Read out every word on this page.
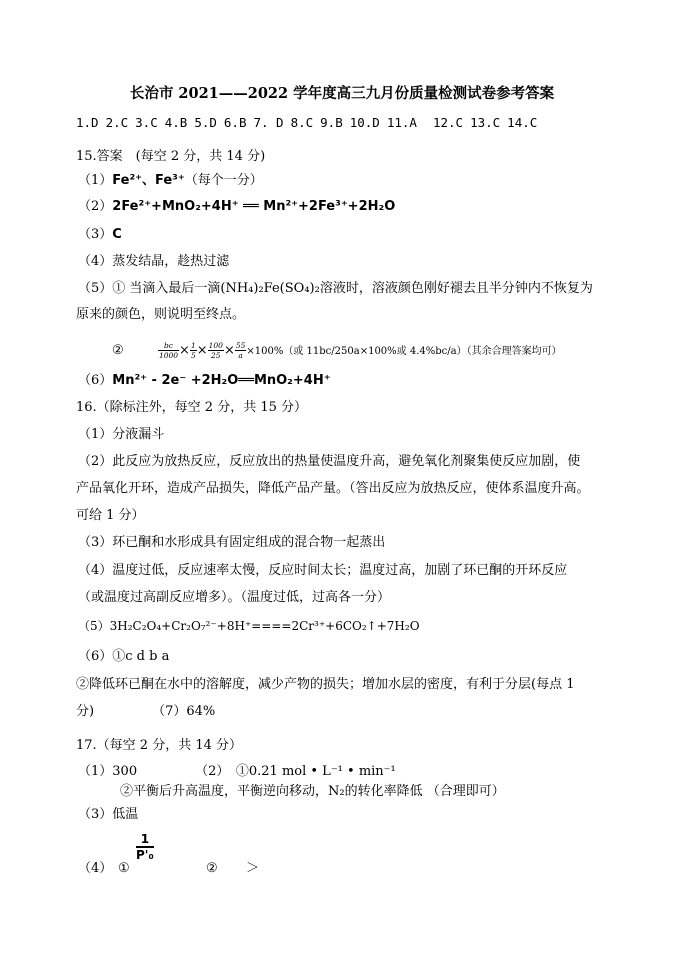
长治市 2021——2022 学年度高三九月份质量检测试卷参考答案
1.D 2.C 3.C 4.B 5.D 6.B 7. D 8.C 9.B 10.D 11.A 12.C 13.C 14.C
15.答案　(每空 2 分，共 14 分)
（1）Fe²⁺、Fe³⁺（每个一分）
（2）2Fe²⁺+MnO₂+4H⁺ ══ Mn²⁺+2Fe³⁺+2H₂O
（3）C
（4）蒸发结晶，趁热过滤
（5）① 当滴入最后一滴(NH₄)₂Fe(SO₄)₂溶液时，溶液颜色刚好褪去且半分钟内不恢复为
原来的颜色，则说明至终点。
②	$\frac{bc}{1000} \times \frac{1}{5} \times \frac{100}{25} \times \frac{55}{a} \times 100\%$（或 11bc/250a×100%或 4.4%bc/a）（其余合理答案均可）
（6）Mn²⁺ - 2e⁻ +2H₂O══MnO₂+4H⁺
16.（除标注外，每空 2 分，共 15 分）
（1）分液漏斗
（2）此反应为放热反应，反应放出的热量使温度升高，避免氧化剂聚集使反应加剧，使
产品氧化开环，造成产品损失，降低产品产量。（答出反应为放热反应，使体系温度升高。
可给 1 分）
（3）环已酮和水形成具有固定组成的混合物一起蒸出
（4）温度过低，反应速率太慢，反应时间太长；温度过高，加剧了环已酮的开环反应
（或温度过高副反应增多）。（温度过低，过高各一分）
（5）3H₂C₂O₄+Cr₂O₇²⁻+8H⁺====2Cr³⁺+6CO₂↑+7H₂O
（6）①c d b a
②降低环已酮在水中的溶解度，减少产物的损失；增加水层的密度，有利于分层(每点 1
分)	（7）64%
17.（每空 2 分，共 14 分）
（1）300	（2）　①0.21 mol • L⁻¹ • min⁻¹
②平衡后升高温度，平衡逆向移动，N₂的转化率降低 （合理即可）
（3）低温
（4） ①
1
P'₀
② ＞
